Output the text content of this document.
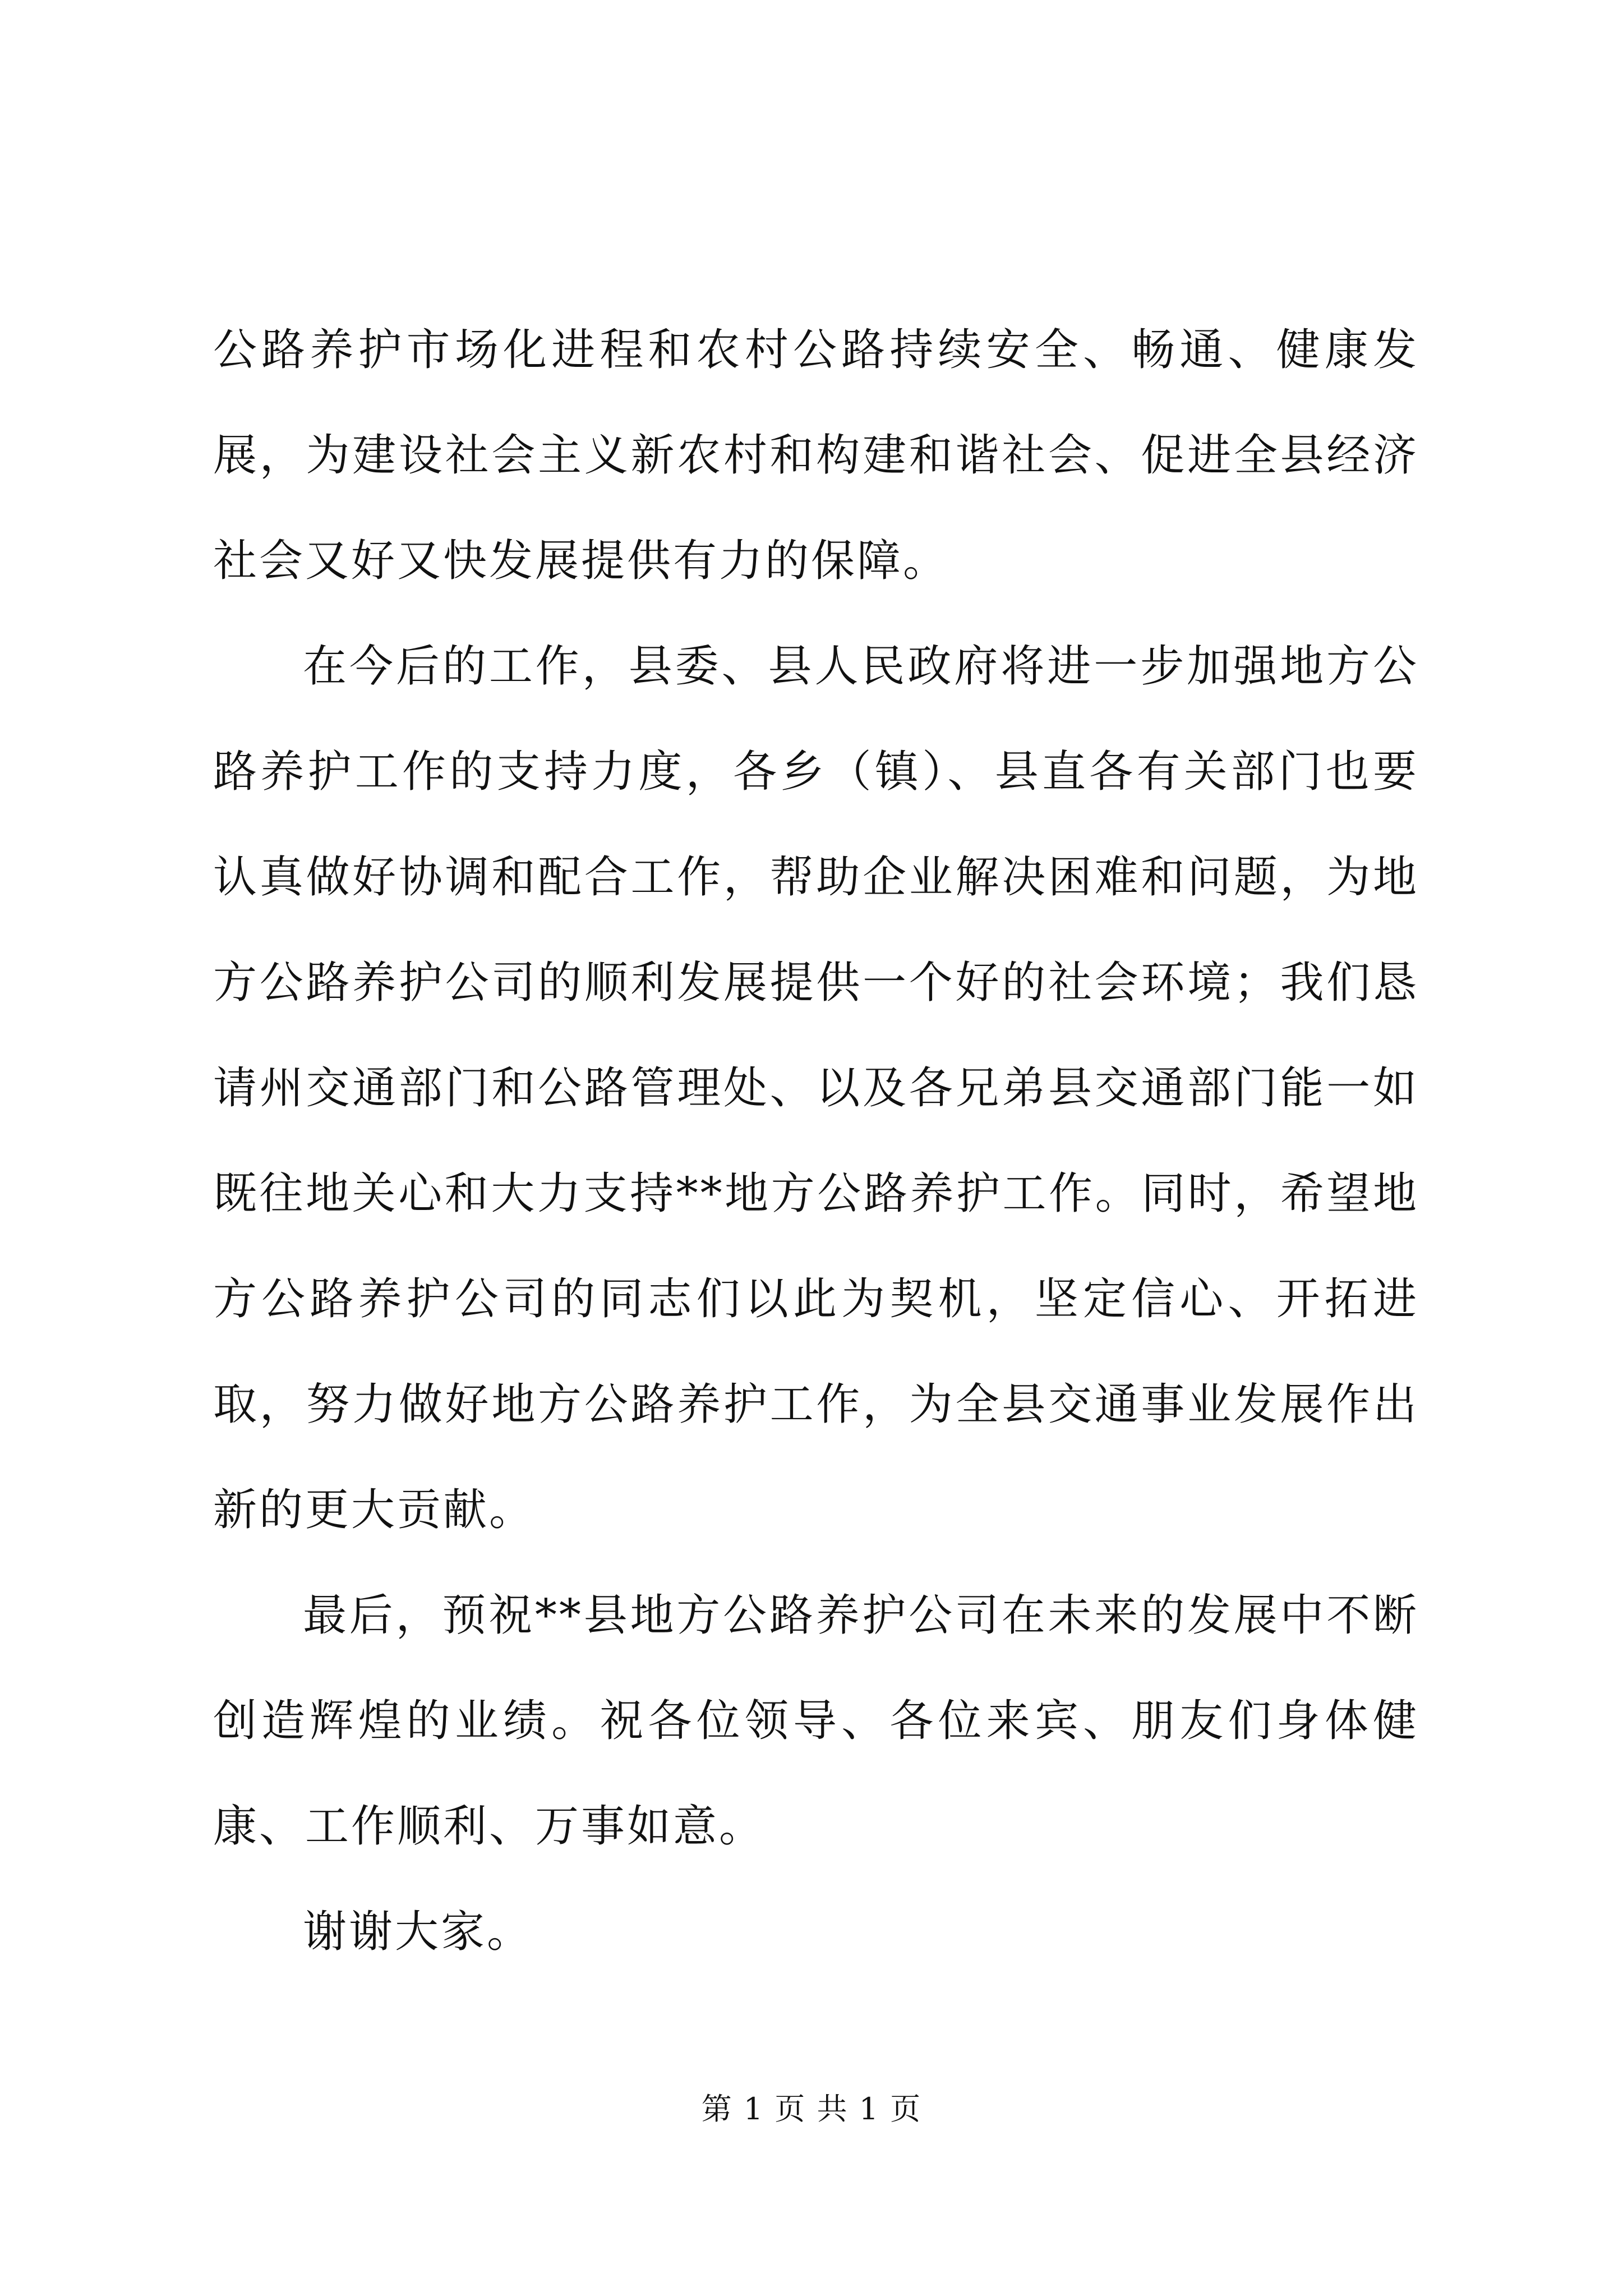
公路养护市场化进程和农村公路持续安全、畅通、健康发展，为建设社会主义新农村和构建和谐社会、促进全县经济社会又好又快发展提供有力的保障。

在今后的工作，县委、县人民政府将进一步加强地方公路养护工作的支持力度，各乡（镇）、县直各有关部门也要认真做好协调和配合工作，帮助企业解决困难和问题，为地方公路养护公司的顺利发展提供一个好的社会环境；我们恳请州交通部门和公路管理处、以及各兄弟县交通部门能一如既往地关心和大力支持**地方公路养护工作。同时，希望地方公路养护公司的同志们以此为契机，坚定信心、开拓进取，努力做好地方公路养护工作，为全县交通事业发展作出新的更大贡献。

最后，预祝**县地方公路养护公司在未来的发展中不断创造辉煌的业绩。祝各位领导、各位来宾、朋友们身体健康、工作顺利、万事如意。

谢谢大家。

第 1 页 共 1 页
